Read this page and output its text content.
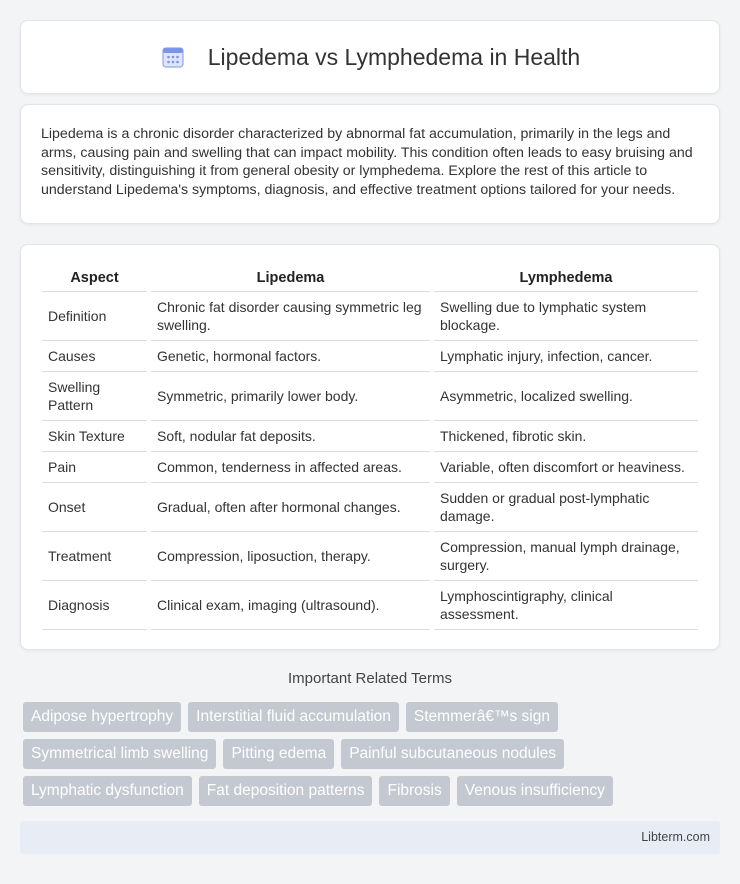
Lipedema vs Lymphedema in Health

Lipedema is a chronic disorder characterized by abnormal fat accumulation, primarily in the legs and arms, causing pain and swelling that can impact mobility. This condition often leads to easy bruising and sensitivity, distinguishing it from general obesity or lymphedema. Explore the rest of this article to understand Lipedema's symptoms, diagnosis, and effective treatment options tailored for your needs.

Aspect	Lipedema	Lymphedema
Definition	Chronic fat disorder causing symmetric leg swelling.	Swelling due to lymphatic system blockage.
Causes	Genetic, hormonal factors.	Lymphatic injury, infection, cancer.
Swelling Pattern	Symmetric, primarily lower body.	Asymmetric, localized swelling.
Skin Texture	Soft, nodular fat deposits.	Thickened, fibrotic skin.
Pain	Common, tenderness in affected areas.	Variable, often discomfort or heaviness.
Onset	Gradual, often after hormonal changes.	Sudden or gradual post-lymphatic damage.
Treatment	Compression, liposuction, therapy.	Compression, manual lymph drainage, surgery.
Diagnosis	Clinical exam, imaging (ultrasound).	Lymphoscintigraphy, clinical assessment.
Important Related Terms
Adipose hypertrophy	Interstitial fluid accumulation	Stemmerâ€™s sign
Symmetrical limb swelling	Pitting edema	Painful subcutaneous nodules
Lymphatic dysfunction	Fat deposition patterns	Fibrosis	Venous insufficiency
Libterm.com
